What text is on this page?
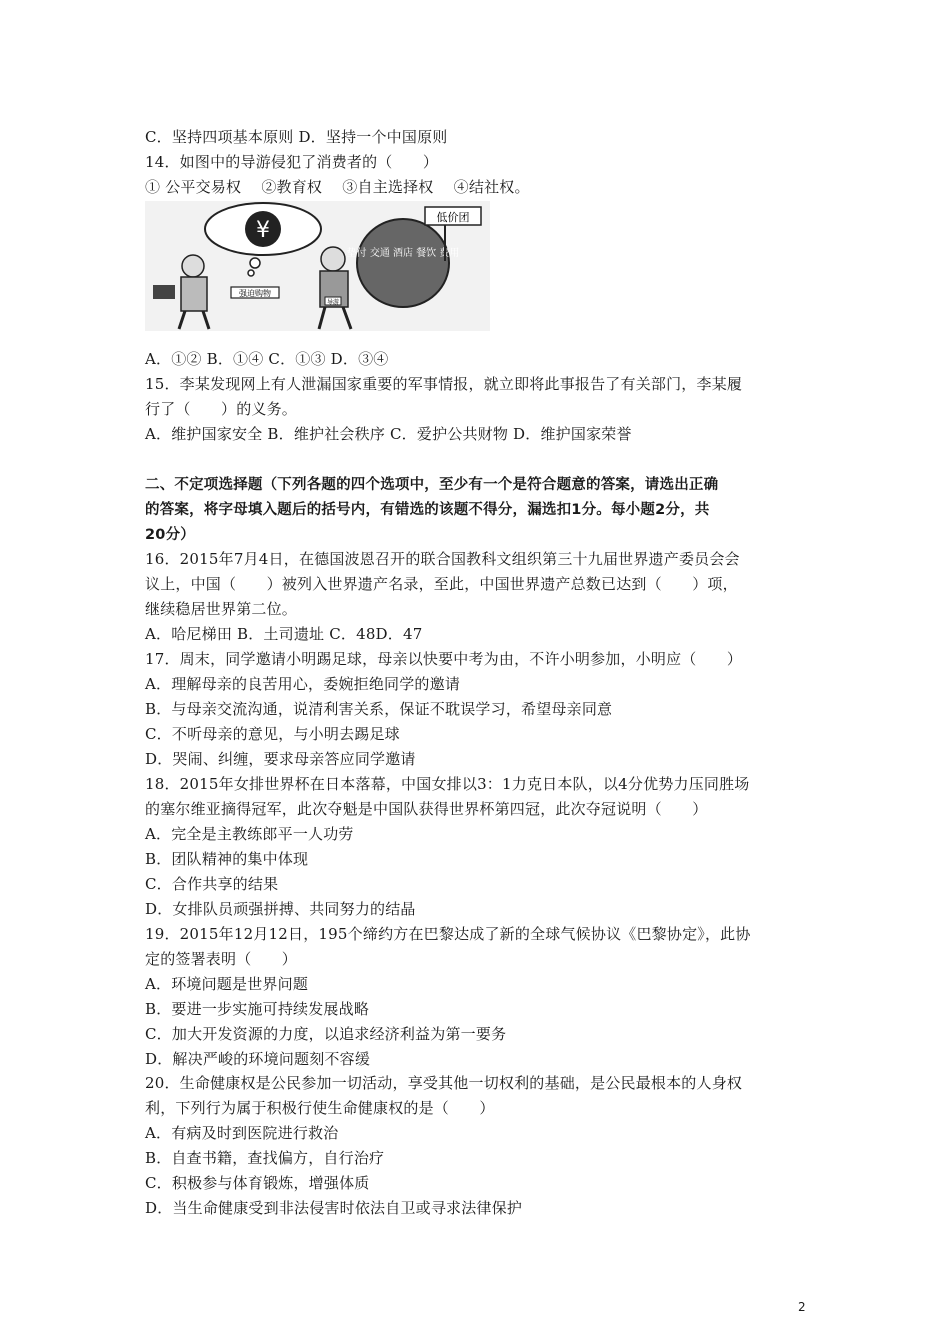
C．坚持四项基本原则 D．坚持一个中国原则
14．如图中的导游侵犯了消费者的（　　）
① 公平交易权　 ②教育权　 ③自主选择权　 ④结社权。
¥
强迫购物
导游
垫付 交通 酒店 餐饮 费用
低价团
A．①② B．①④ C．①③ D．③④
15．李某发现网上有人泄漏国家重要的军事情报，就立即将此事报告了有关部门，李某履
行了（　　）的义务。
A．维护国家安全 B．维护社会秩序 C．爱护公共财物 D．维护国家荣誉
二、不定项选择题（下列各题的四个选项中，至少有一个是符合题意的答案，请选出正确
的答案，将字母填入题后的括号内，有错选的该题不得分，漏选扣1分。每小题2分，共
20分）
16．2015年7月4日，在德国波恩召开的联合国教科文组织第三十九届世界遗产委员会会
议上，中国（　　）被列入世界遗产名录，至此，中国世界遗产总数已达到（　　）项，
继续稳居世界第二位。
A．哈尼梯田 B．土司遗址 C．48D．47
17．周末，同学邀请小明踢足球，母亲以快要中考为由，不许小明参加，小明应（　　）
A．理解母亲的良苦用心，委婉拒绝同学的邀请
B．与母亲交流沟通，说清利害关系，保证不耽误学习，希望母亲同意
C．不听母亲的意见，与小明去踢足球
D．哭闹、纠缠，要求母亲答应同学邀请
18．2015年女排世界杯在日本落幕，中国女排以3：1力克日本队，以4分优势力压同胜场
的塞尔维亚摘得冠军，此次夺魁是中国队获得世界杯第四冠，此次夺冠说明（　　）
A．完全是主教练郎平一人功劳
B．团队精神的集中体现
C．合作共享的结果
D．女排队员顽强拼搏、共同努力的结晶
19．2015年12月12日，195个缔约方在巴黎达成了新的全球气候协议《巴黎协定》，此协
定的签署表明（　　）
A．环境问题是世界问题
B．要进一步实施可持续发展战略
C．加大开发资源的力度，以追求经济利益为第一要务
D．解决严峻的环境问题刻不容缓
20．生命健康权是公民参加一切活动，享受其他一切权利的基础，是公民最根本的人身权
利，下列行为属于积极行使生命健康权的是（　　）
A．有病及时到医院进行救治
B．自查书籍，查找偏方，自行治疗
C．积极参与体育锻炼，增强体质
D．当生命健康受到非法侵害时依法自卫或寻求法律保护
2
